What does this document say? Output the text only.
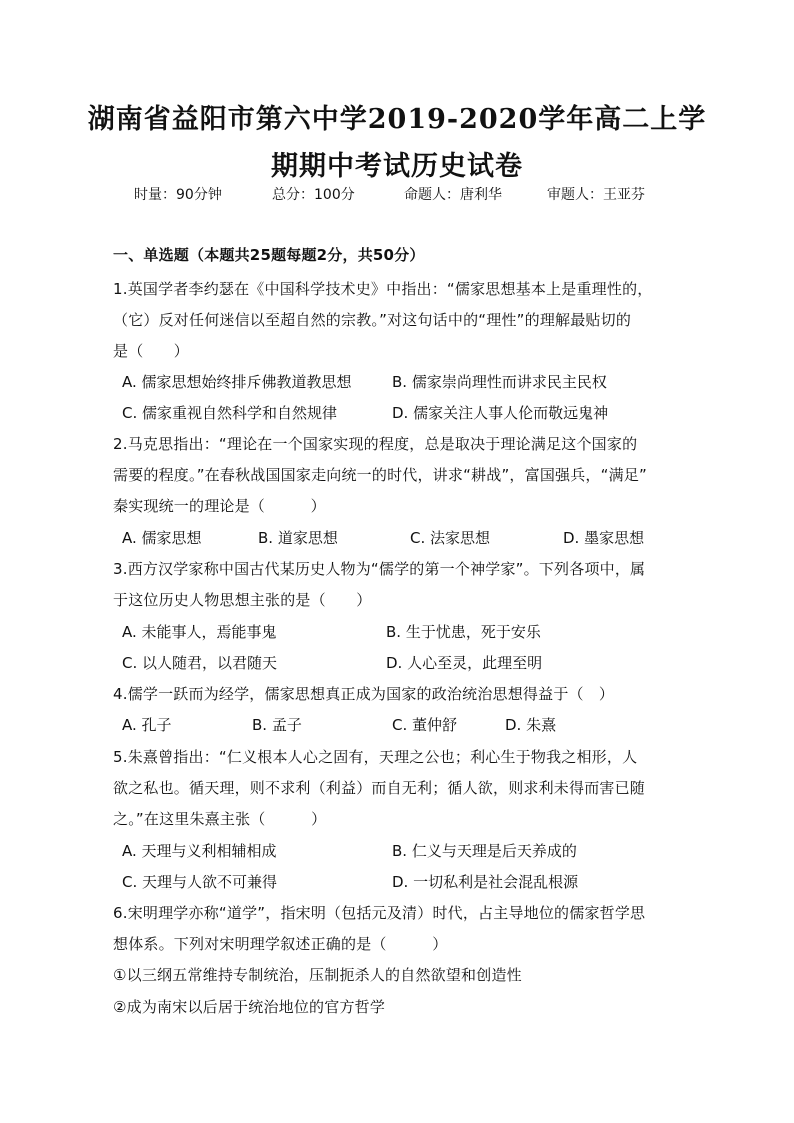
湖南省益阳市第六中学2019-2020学年高二上学
期期中考试历史试卷
时量：90分钟	总分：100分	命题人：唐利华	审题人：王亚芬
一、单选题（本题共25题每题2分，共50分）
1.英国学者李约瑟在《中国科学技术史》中指出：“儒家思想基本上是重理性的，
（它）反对任何迷信以至超自然的宗教。”对这句话中的“理性”的理解最贴切的
是（　　）
A. 儒家思想始终排斥佛教道教思想	B. 儒家崇尚理性而讲求民主民权
C. 儒家重视自然科学和自然规律	D. 儒家关注人事人伦而敬远鬼神
2.马克思指出：“理论在一个国家实现的程度，总是取决于理论满足这个国家的
需要的程度。”在春秋战国国家走向统一的时代，讲求“耕战”，富国强兵，“满足”
秦实现统一的理论是（　　　）
A. 儒家思想	B. 道家思想	C. 法家思想	D. 墨家思想
3.西方汉学家称中国古代某历史人物为“儒学的第一个神学家”。下列各项中，属
于这位历史人物思想主张的是（　　）
A. 未能事人，焉能事鬼	B. 生于忧患，死于安乐
C. 以人随君，以君随天	D. 人心至灵，此理至明
4.儒学一跃而为经学，儒家思想真正成为国家的政治统治思想得益于（　）
A. 孔子	B. 孟子	C. 董仲舒	D. 朱熹
5.朱熹曾指出：“仁义根本人心之固有，天理之公也；利心生于物我之相形，人
欲之私也。循天理，则不求利（利益）而自无利；循人欲，则求利未得而害已随
之。”在这里朱熹主张（　　　）
A. 天理与义利相辅相成	B. 仁义与天理是后天养成的
C. 天理与人欲不可兼得	D. 一切私利是社会混乱根源
6.宋明理学亦称“道学”，指宋明（包括元及清）时代，占主导地位的儒家哲学思
想体系。下列对宋明理学叙述正确的是（　　　）
①以三纲五常维持专制统治，压制扼杀人的自然欲望和创造性
②成为南宋以后居于统治地位的官方哲学
